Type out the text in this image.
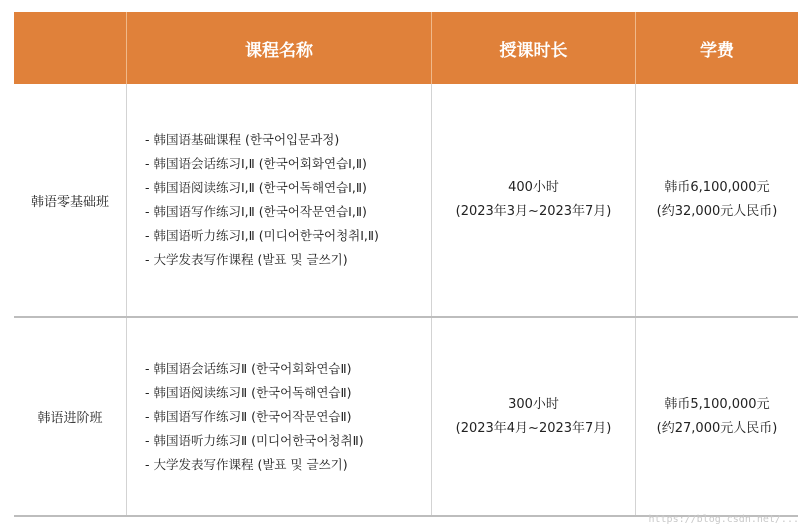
课程名称	授课时长	学费
韩语零基础班
- 韩国语基础课程 (한국어입문과정)
- 韩国语会话练习Ⅰ,Ⅱ (한국어회화연습Ⅰ,Ⅱ)
- 韩国语阅读练习Ⅰ,Ⅱ (한국어독해연습Ⅰ,Ⅱ)
- 韩国语写作练习Ⅰ,Ⅱ (한국어작문연습Ⅰ,Ⅱ)
- 韩国语听力练习Ⅰ,Ⅱ (미디어한국어청취Ⅰ,Ⅱ)
- 大学发表写作课程 (발표 및 글쓰기)
400小时
(2023年3月~2023年7月)
韩币6,100,000元
(约32,000元人民币)
韩语进阶班
- 韩国语会话练习Ⅱ (한국어회화연습Ⅱ)
- 韩国语阅读练习Ⅱ (한국어독해연습Ⅱ)
- 韩国语写作练习Ⅱ (한국어작문연습Ⅱ)
- 韩国语听力练习Ⅱ (미디어한국어청취Ⅱ)
- 大学发表写作课程 (발표 및 글쓰기)
300小时
(2023年4月~2023年7月)
韩币5,100,000元
(约27,000元人民币)
https://blog.csdn.net/...
